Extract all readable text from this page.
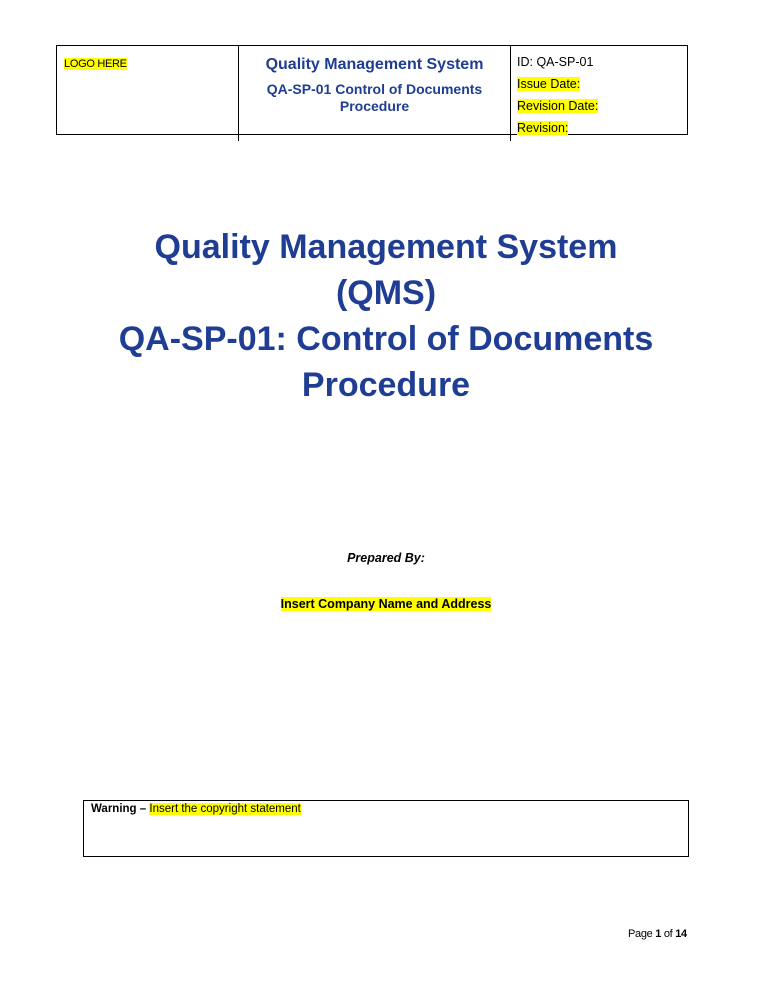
LOGO HERE	Quality Management System
QA-SP-01 Control of Documents Procedure
ID: QA-SP-01
Issue Date:
Revision Date:
Revision:
Quality Management System
(QMS)
QA-SP-01: Control of Documents
Procedure
Prepared By:
Insert Company Name and Address
Warning – Insert the copyright statement
Page 1 of 14
